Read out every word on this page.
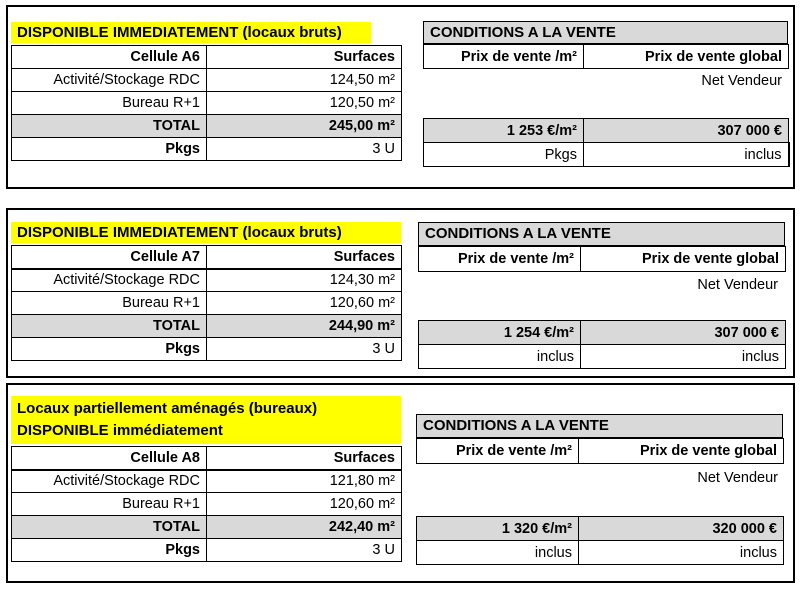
DISPONIBLE IMMEDIATEMENT (locaux bruts)
Cellule A6	Surfaces
Activité/Stockage RDC	124,50 m²
Bureau R+1	120,50 m²
TOTAL	245,00 m²
Pkgs	3 U
CONDITIONS A LA VENTE
Prix de vente /m²	Prix de vente global
Net Vendeur
1 253 €/m²	307 000 €
Pkgs	inclus
DISPONIBLE IMMEDIATEMENT (locaux bruts)
Cellule A7	Surfaces
Activité/Stockage RDC	124,30 m²
Bureau R+1	120,60 m²
TOTAL	244,90 m²
Pkgs	3 U
CONDITIONS A LA VENTE
Prix de vente /m²	Prix de vente global
Net Vendeur
1 254 €/m²	307 000 €
inclus	inclus
Locaux partiellement aménagés (bureaux)
DISPONIBLE immédiatement
Cellule A8	Surfaces
Activité/Stockage RDC	121,80 m²
Bureau R+1	120,60 m²
TOTAL	242,40 m²
Pkgs	3 U
CONDITIONS A LA VENTE
Prix de vente /m²	Prix de vente global
Net Vendeur
1 320 €/m²	320 000 €
inclus	inclus
